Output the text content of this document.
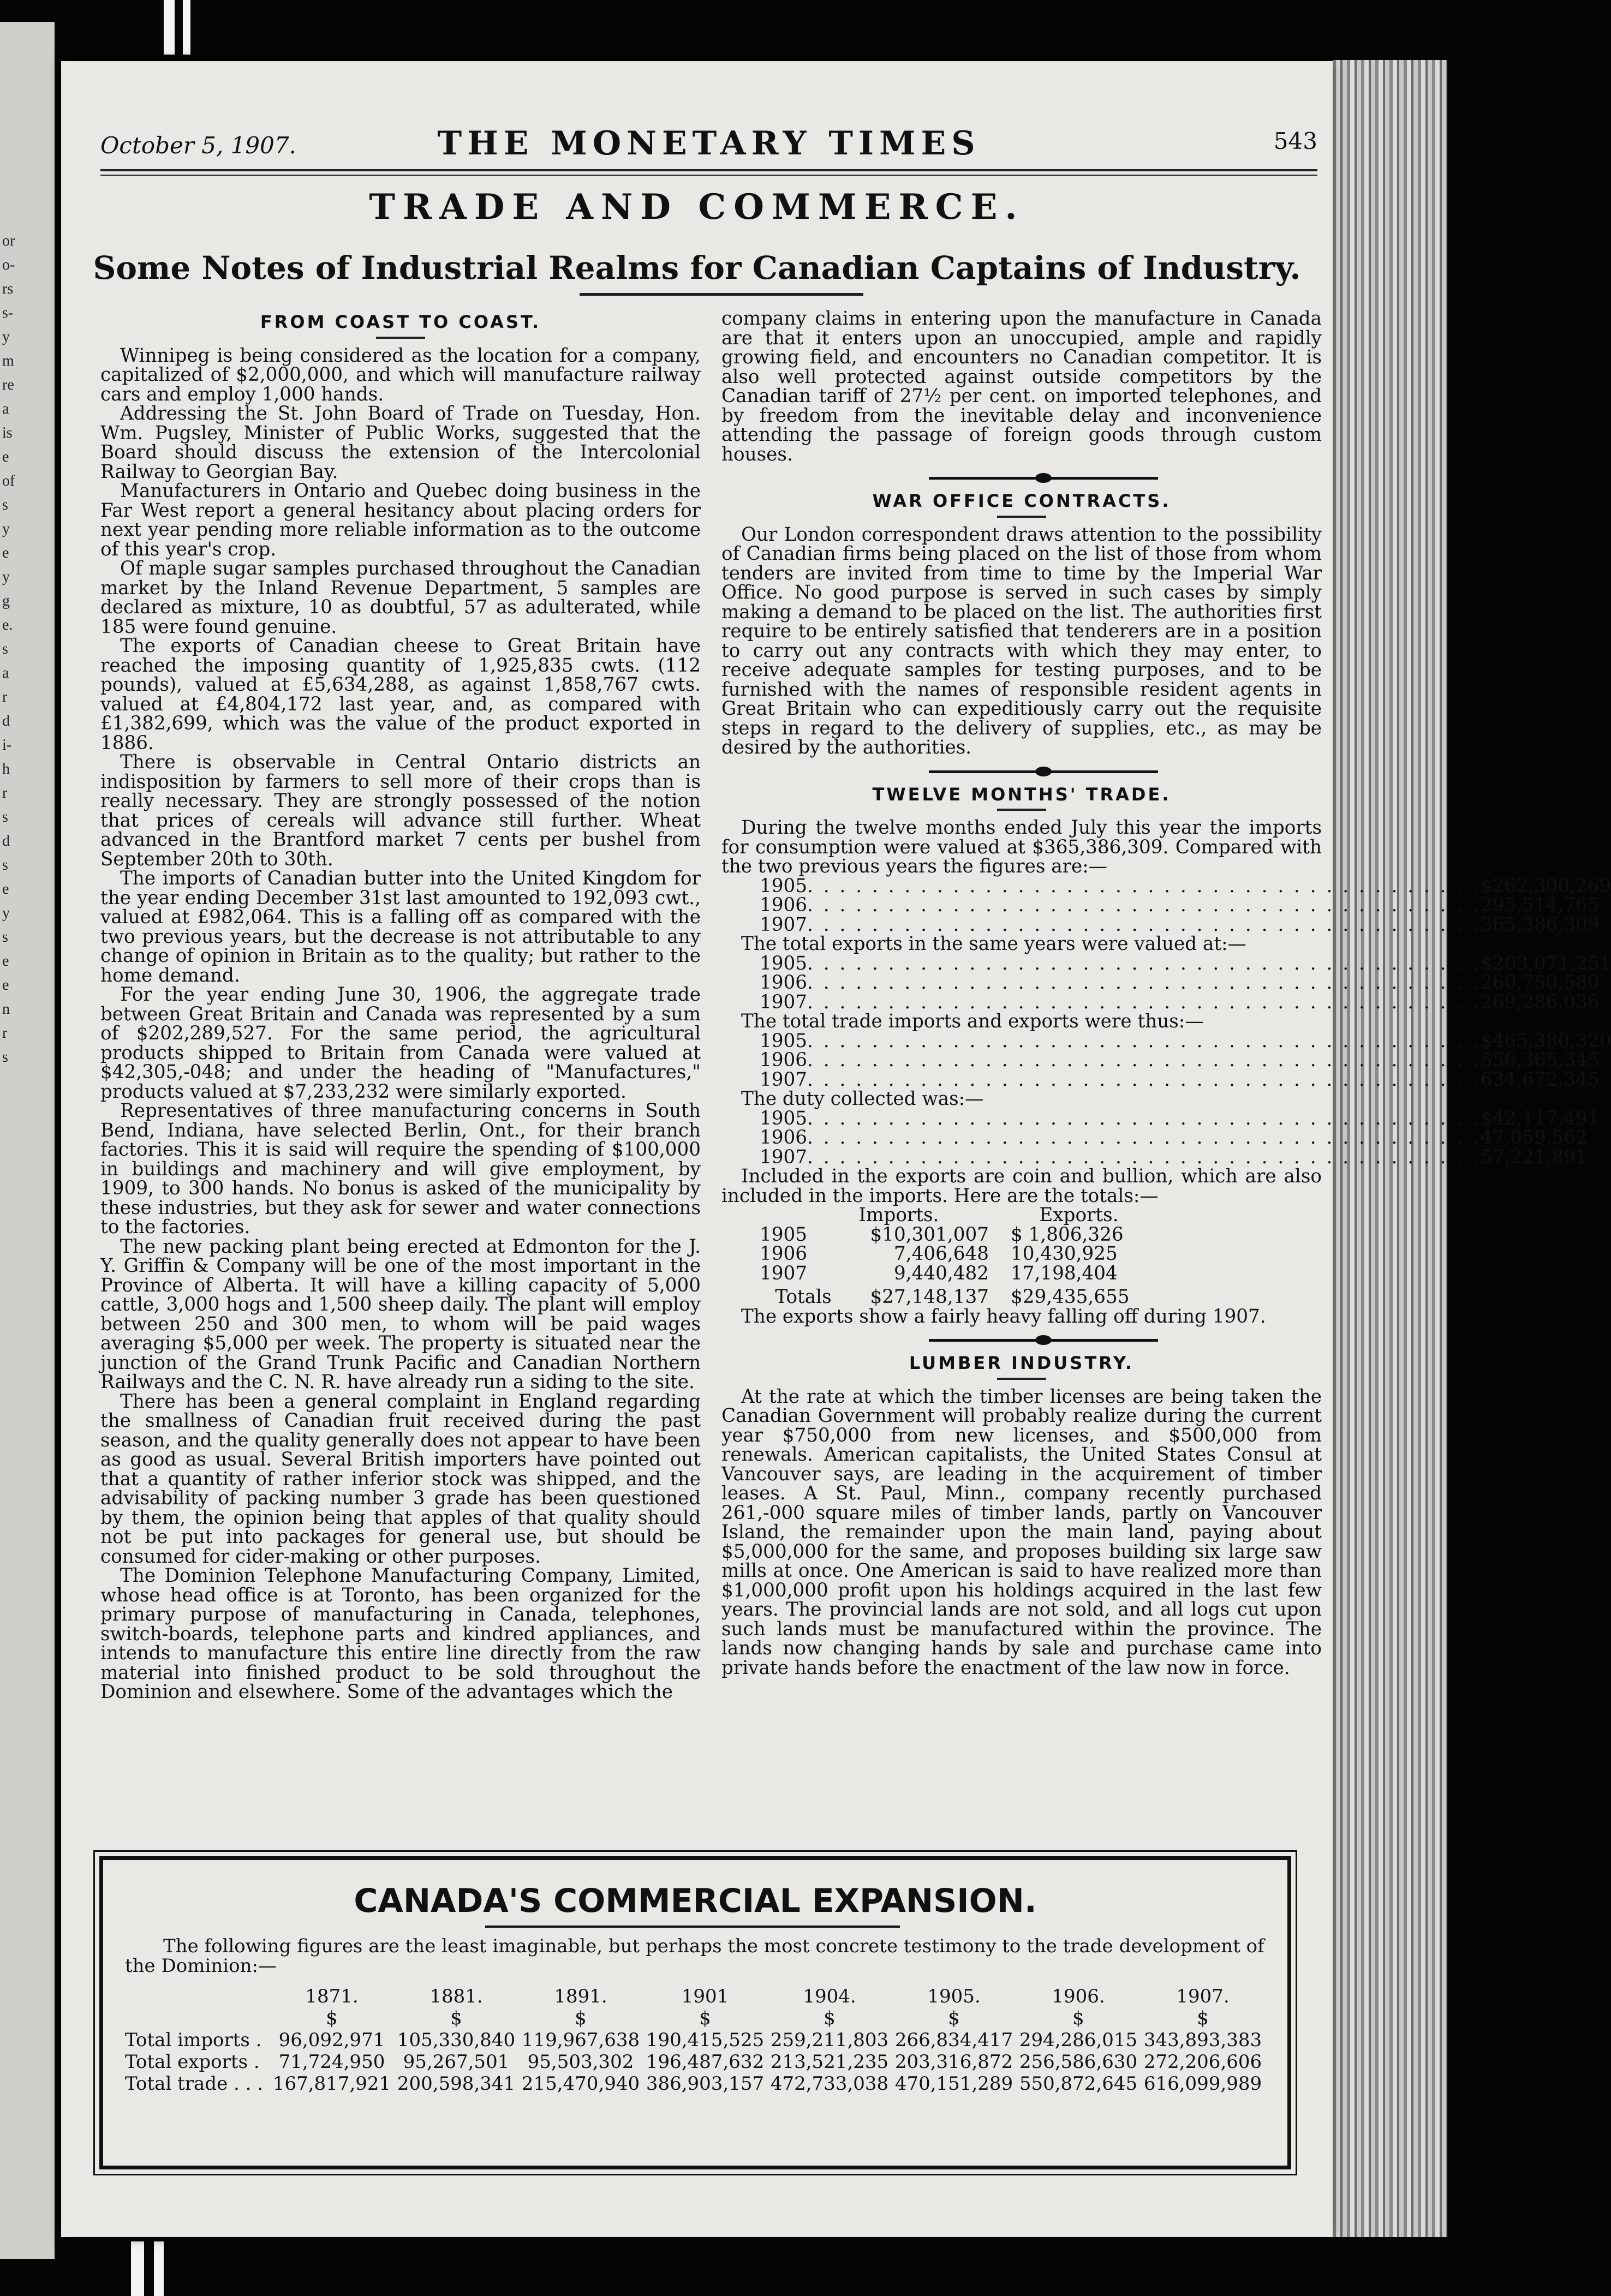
or
o-
rs
s-
y
m
re
a
is
e
of
s
y
e
y
g
e.
s
a
r
d
i-
h
r
s
d
s
e
y
s
e
e
n
r
s
October 5, 1907.	THE MONETARY TIMES	543
TRADE AND COMMERCE.
Some Notes of Industrial Realms for Canadian Captains of Industry.

FROM COAST TO COAST.

Winnipeg is being considered as the location for a company, capitalized of $2,000,000, and which will manufacture railway cars and employ 1,000 hands.

Addressing the St. John Board of Trade on Tuesday, Hon. Wm. Pugsley, Minister of Public Works, suggested that the Board should discuss the extension of the Intercolonial Railway to Georgian Bay.

Manufacturers in Ontario and Quebec doing business in the Far West report a general hesitancy about placing orders for next year pending more reliable information as to the outcome of this year's crop.

Of maple sugar samples purchased throughout the Canadian market by the Inland Revenue Department, 5 samples are declared as mixture, 10 as doubtful, 57 as adulterated, while 185 were found genuine.

The exports of Canadian cheese to Great Britain have reached the imposing quantity of 1,925,835 cwts. (112 pounds), valued at £5,634,288, as against 1,858,767 cwts. valued at £4,804,172 last year, and, as compared with £1,382,699, which was the value of the product exported in 1886.

There is observable in Central Ontario districts an indisposition by farmers to sell more of their crops than is really necessary. They are strongly possessed of the notion that prices of cereals will advance still further. Wheat advanced in the Brantford market 7 cents per bushel from September 20th to 30th.

The imports of Canadian butter into the United Kingdom for the year ending December 31st last amounted to 192,093 cwt., valued at £982,064. This is a falling off as compared with the two previous years, but the decrease is not attributable to any change of opinion in Britain as to the quality; but rather to the home demand.

For the year ending June 30, 1906, the aggregate trade between Great Britain and Canada was represented by a sum of $202,289,527. For the same period, the agricultural products shipped to Britain from Canada were valued at $42,305,-048; and under the heading of "Manufactures," products valued at $7,233,232 were similarly exported.

Representatives of three manufacturing concerns in South Bend, Indiana, have selected Berlin, Ont., for their branch factories. This it is said will require the spending of $100,000 in buildings and machinery and will give employment, by 1909, to 300 hands. No bonus is asked of the municipality by these industries, but they ask for sewer and water connections to the factories.

The new packing plant being erected at Edmonton for the J. Y. Griffin & Company will be one of the most important in the Province of Alberta. It will have a killing capacity of 5,000 cattle, 3,000 hogs and 1,500 sheep daily. The plant will employ between 250 and 300 men, to whom will be paid wages averaging $5,000 per week. The property is situated near the junction of the Grand Trunk Pacific and Canadian Northern Railways and the C. N. R. have already run a siding to the site.

There has been a general complaint in England regarding the smallness of Canadian fruit received during the past season, and the quality generally does not appear to have been as good as usual. Several British importers have pointed out that a quantity of rather inferior stock was shipped, and the advisability of packing number 3 grade has been questioned by them, the opinion being that apples of that quality should not be put into packages for general use, but should be consumed for cider-making or other purposes.

The Dominion Telephone Manufacturing Company, Limited, whose head office is at Toronto, has been organized for the primary purpose of manufacturing in Canada, telephones, switch-boards, telephone parts and kindred appliances, and intends to manufacture this entire line directly from the raw material into finished product to be sold throughout the Dominion and elsewhere. Some of the advantages which the

company claims in entering upon the manufacture in Canada are that it enters upon an unoccupied, ample and rapidly growing field, and encounters no Canadian competitor. It is also well protected against outside competitors by the Canadian tariff of 27½ per cent. on imported telephones, and by freedom from the inevitable delay and inconvenience attending the passage of foreign goods through custom houses.

WAR OFFICE CONTRACTS.

Our London correspondent draws attention to the possibility of Canadian firms being placed on the list of those from whom tenders are invited from time to time by the Imperial War Office. No good purpose is served in such cases by simply making a demand to be placed on the list. The authorities first require to be entirely satisfied that tenderers are in a position to carry out any contracts with which they may enter, to receive adequate samples for testing purposes, and to be furnished with the names of responsible resident agents in Great Britain who can expeditiously carry out the requisite steps in regard to the delivery of supplies, etc., as may be desired by the authorities.

TWELVE MONTHS' TRADE.

During the twelve months ended July this year the imports for consumption were valued at $365,386,309. Compared with the two previous years the figures are:—

1905 . . . . . . . . . . . . . . . . . . . . . . . . . . . . . . . . . . . . . . . . . . $262,300,269
1906 . . . . . . . . . . . . . . . . . . . . . . . . . . . . . . . . . . . . . . . . . . 295,514,765
1907 . . . . . . . . . . . . . . . . . . . . . . . . . . . . . . . . . . . . . . . . . . 365,386,309

The total exports in the same years were valued at:—

1905 . . . . . . . . . . . . . . . . . . . . . . . . . . . . . . . . . . . . . . . . . . $203,071,251
1906 . . . . . . . . . . . . . . . . . . . . . . . . . . . . . . . . . . . . . . . . . . 260,750,580
1907 . . . . . . . . . . . . . . . . . . . . . . . . . . . . . . . . . . . . . . . . . . 269,286,036

The total trade imports and exports were thus:—

1905 . . . . . . . . . . . . . . . . . . . . . . . . . . . . . . . . . . . . . . . . . . $465,380,320
1906 . . . . . . . . . . . . . . . . . . . . . . . . . . . . . . . . . . . . . . . . . . 556,365,345
1907 . . . . . . . . . . . . . . . . . . . . . . . . . . . . . . . . . . . . . . . . . . 634,672,345

The duty collected was:—

1905 . . . . . . . . . . . . . . . . . . . . . . . . . . . . . . . . . . . . . . . . . . $42,117,491
1906 . . . . . . . . . . . . . . . . . . . . . . . . . . . . . . . . . . . . . . . . . . 47,059,562
1907 . . . . . . . . . . . . . . . . . . . . . . . . . . . . . . . . . . . . . . . . . . 57,221,891

Included in the exports are coin and bullion, which are also included in the imports. Here are the totals:—

Imports.	Exports.
1905	$10,301,007	$ 1,806,326
1906	7,406,648	10,430,925
1907	9,440,482	17,198,404
Totals	$27,148,137	$29,435,655

The exports show a fairly heavy falling off during 1907.

LUMBER INDUSTRY.

At the rate at which the timber licenses are being taken the Canadian Government will probably realize during the current year $750,000 from new licenses, and $500,000 from renewals. American capitalists, the United States Consul at Vancouver says, are leading in the acquirement of timber leases. A St. Paul, Minn., company recently purchased 261,-000 square miles of timber lands, partly on Vancouver Island, the remainder upon the main land, paying about $5,000,000 for the same, and proposes building six large saw mills at once. One American is said to have realized more than $1,000,000 profit upon his holdings acquired in the last few years. The provincial lands are not sold, and all logs cut upon such lands must be manufactured within the province. The lands now changing hands by sale and purchase came into private hands before the enactment of the law now in force.

CANADA'S COMMERCIAL EXPANSION.
The following figures are the least imaginable, but perhaps the most concrete testimony to the trade development of the Dominion:—
1871.	1881.	1891.	1901	1904.	1905.	1906.	1907.
$	$	$	$	$	$	$	$
Total imports . 96,092,971 105,330,840 119,967,638 190,415,525 259,211,803 266,834,417 294,286,015 343,893,383
Total exports .	71,724,950 95,267,501 95,503,302 196,487,632 213,521,235 203,316,872 256,586,630 272,206,606
Total trade . . . 167,817,921 200,598,341 215,470,940 386,903,157 472,733,038 470,151,289 550,872,645 616,099,989
